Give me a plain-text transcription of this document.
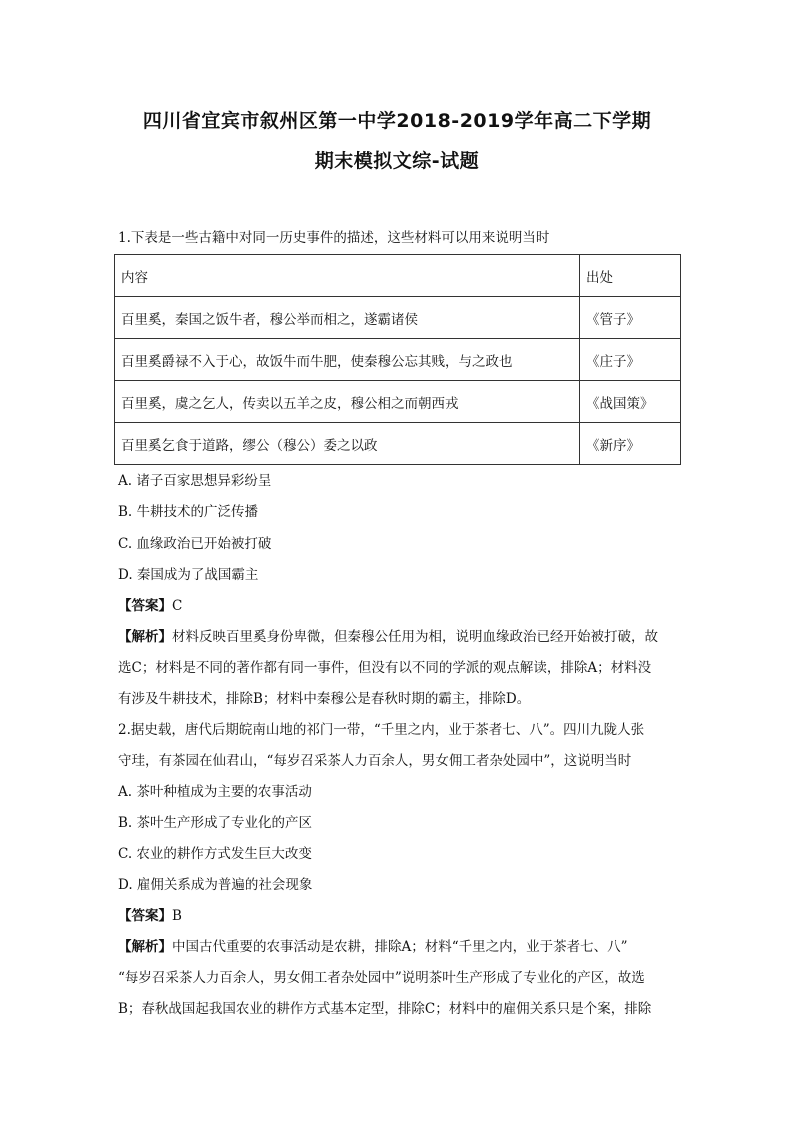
四川省宜宾市叙州区第一中学2018-2019学年高二下学期
期末模拟文综-试题
1.下表是一些古籍中对同一历史事件的描述，这些材料可以用来说明当时
内容	出处
百里奚，秦国之饭牛者，穆公举而相之，遂霸诸侯	《管子》
百里奚爵禄不入于心，故饭牛而牛肥，使秦穆公忘其贱，与之政也	《庄子》
百里奚，虞之乞人，传卖以五羊之皮，穆公相之而朝西戎	《战国策》
百里奚乞食于道路，缪公（穆公）委之以政	《新序》
A. 诸子百家思想异彩纷呈
B. 牛耕技术的广泛传播
C. 血缘政治已开始被打破
D. 秦国成为了战国霸主
【答案】C
【解析】材料反映百里奚身份卑微，但秦穆公任用为相，说明血缘政治已经开始被打破，故
选C；材料是不同的著作都有同一事件，但没有以不同的学派的观点解读，排除A；材料没
有涉及牛耕技术，排除B；材料中秦穆公是春秋时期的霸主，排除D。
2.据史载，唐代后期皖南山地的祁门一带，“千里之内，业于茶者七、八”。四川九陇人张
守珪，有茶园在仙君山，“每岁召采茶人力百余人，男女佣工者杂处园中”，这说明当时
A. 茶叶种植成为主要的农事活动
B. 茶叶生产形成了专业化的产区
C. 农业的耕作方式发生巨大改变
D. 雇佣关系成为普遍的社会现象
【答案】B
【解析】中国古代重要的农事活动是农耕，排除A；材料“千里之内，业于茶者七、八”
“每岁召采茶人力百余人，男女佣工者杂处园中”说明茶叶生产形成了专业化的产区，故选
B；春秋战国起我国农业的耕作方式基本定型，排除C；材料中的雇佣关系只是个案，排除
